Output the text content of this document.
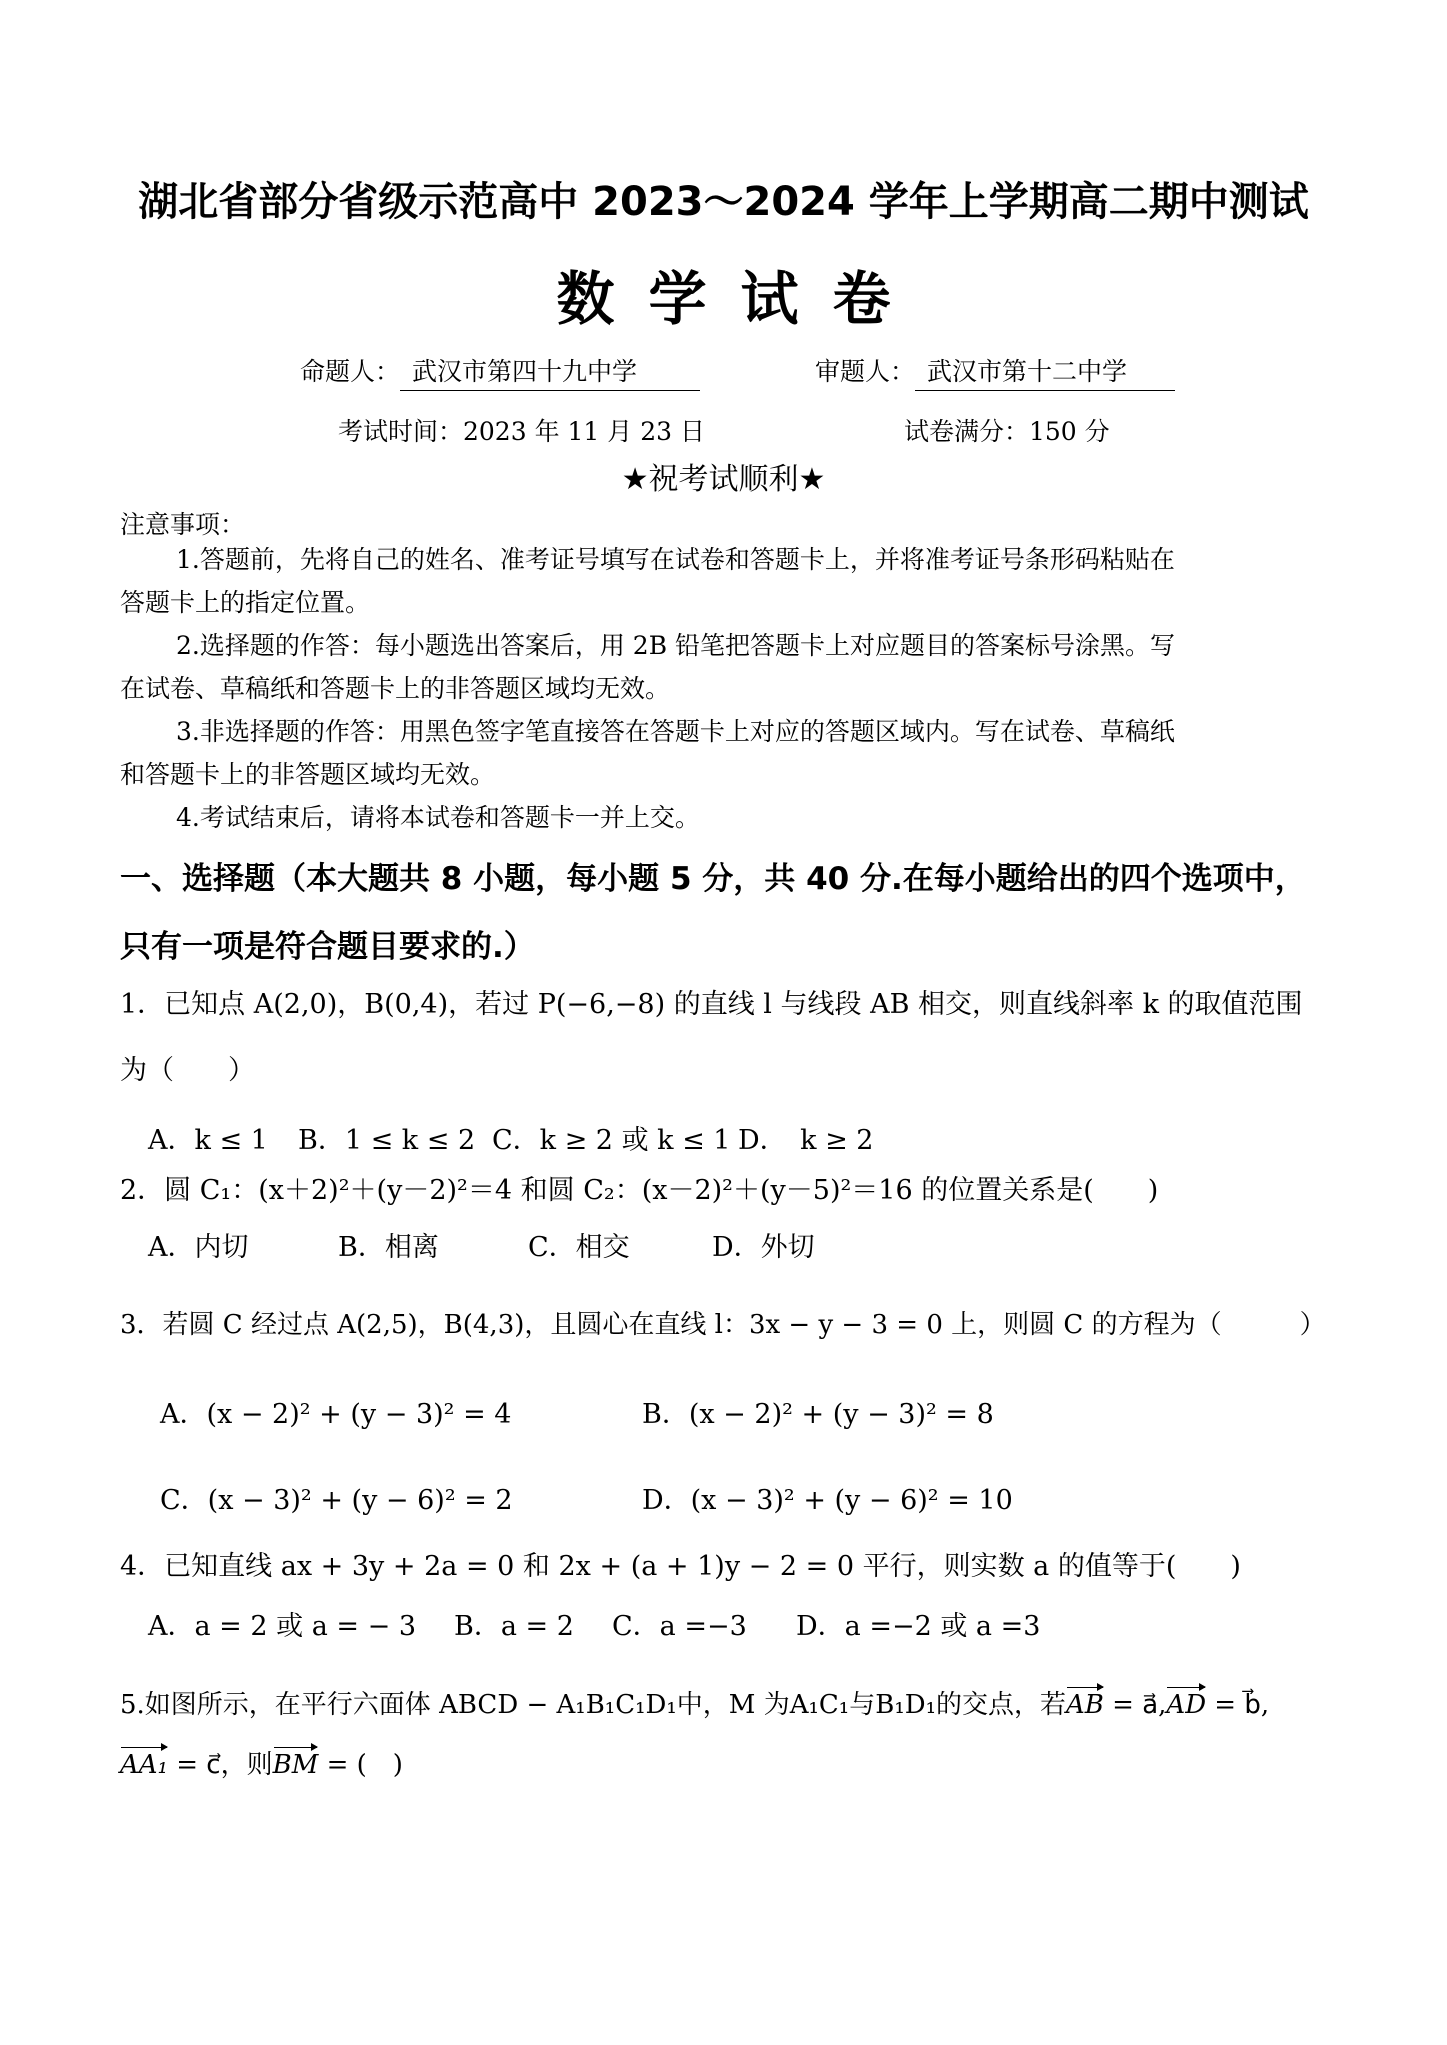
湖北省部分省级示范高中 2023～2024 学年上学期高二期中测试
数学试卷
命题人： 武汉市第四十九中学	审题人： 武汉市第十二中学
考试时间：2023 年 11 月 23 日	试卷满分：150 分
★祝考试顺利★
注意事项：
1.答题前，先将自己的姓名、准考证号填写在试卷和答题卡上，并将准考证号条形码粘贴在
答题卡上的指定位置。
2.选择题的作答：每小题选出答案后，用 2B 铅笔把答题卡上对应题目的答案标号涂黑。写
在试卷、草稿纸和答题卡上的非答题区域均无效。
3.非选择题的作答：用黑色签字笔直接答在答题卡上对应的答题区域内。写在试卷、草稿纸
和答题卡上的非答题区域均无效。
4.考试结束后，请将本试卷和答题卡一并上交。
一、选择题（本大题共 8 小题，每小题 5 分，共 40 分.在每小题给出的四个选项中，
只有一项是符合题目要求的.）
1．已知点 A(2,0)，B(0,4)，若过 P(−6,−8) 的直线 l 与线段 AB 相交，则直线斜率 k 的取值范围
为（　　）
A．k ≤ 1 B．1 ≤ k ≤ 2 C．k ≥ 2 或 k ≤ 1 D．　k ≥ 2
2．圆 C₁：(x＋2)²＋(y－2)²＝4 和圆 C₂：(x－2)²＋(y－5)²＝16 的位置关系是(　　)
A．内切	B．相离	C．相交	D．外切
3．若圆 C 经过点 A(2,5)，B(4,3)，且圆心在直线 l：3x − y − 3 = 0 上，则圆 C 的方程为（　　　）
A．(x − 2)² + (y − 3)² = 4	B．(x − 2)² + (y − 3)² = 8
C．(x − 3)² + (y − 6)² = 2	D．(x − 3)² + (y − 6)² = 10
4．已知直线 ax + 3y + 2a = 0 和 2x + (a + 1)y − 2 = 0 平行，则实数 a 的值等于(　　)
A．a = 2 或 a = − 3 B．a = 2 C．a =−3 D．a =−2 或 a =3
5.如图所示，在平行六面体 ABCD − A₁B₁C₁D₁中，M 为A₁C₁与B₁D₁的交点，若AB = a⃗,AD = b⃗,
AA₁ = c⃗，则BM = (　)
